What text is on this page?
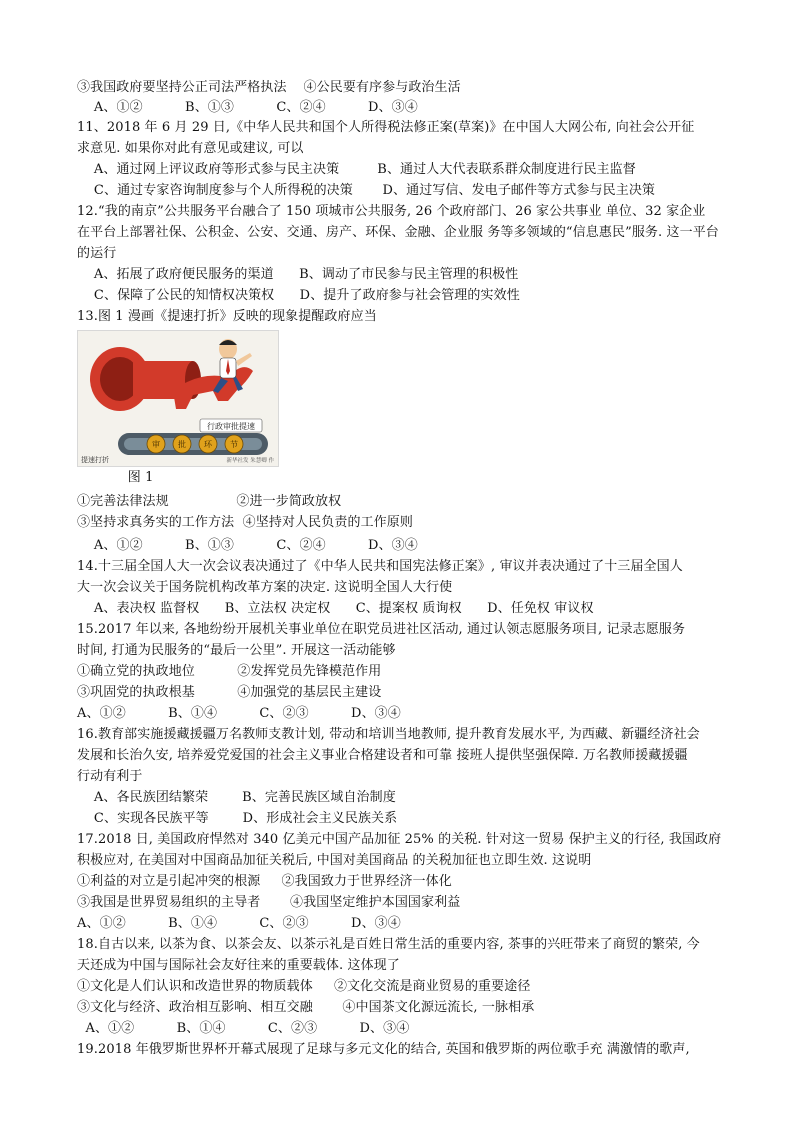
③我国政府要坚持公正司法严格执法    ④公民要有序参与政治生活
A、①②          B、①③          C、②④          D、③④
11、2018 年 6 月 29 日,《中华人民共和国个人所得税法修正案(草案)》在中国人大网公布, 向社会公开征
求意见. 如果你对此有意见或建议, 可以
A、通过网上评议政府等形式参与民主决策         B、通过人大代表联系群众制度进行民主监督
C、通过专家咨询制度参与个人所得税的决策       D、通过写信、发电子邮件等方式参与民主决策
12.“我的南京”公共服务平台融合了 150 项城市公共服务, 26 个政府部门、26 家公共事业 单位、32 家企业
在平台上部署社保、公积金、公安、交通、房产、环保、金融、企业服 务等多领域的“信息惠民”服务. 这一平台
的运行
A、拓展了政府便民服务的渠道      B、调动了市民参与民主管理的积极性
C、保障了公民的知情权决策权      D、提升了政府参与社会管理的实效性
13.图 1 漫画《提速打折》反映的现象提醒政府应当
行政审批提速
审 批 环 节
提速打折	新华社发 朱慧卿 作
图 1
①完善法律法规                ②进一步简政放权
③坚持求真务实的工作方法  ④坚持对人民负责的工作原则
A、①②          B、①③          C、②④          D、③④
14.十三届全国人大一次会议表决通过了《中华人民共和国宪法修正案》, 审议并表决通过了十三届全国人
大一次会议关于国务院机构改革方案的决定. 这说明全国人大行使
A、表决权 监督权      B、立法权 决定权      C、提案权 质询权      D、任免权 审议权
15.2017 年以来, 各地纷纷开展机关事业单位在职党员进社区活动, 通过认领志愿服务项目, 记录志愿服务
时间, 打通为民服务的“最后一公里”. 开展这一活动能够
①确立党的执政地位          ②发挥党员先锋模范作用
③巩固党的执政根基          ④加强党的基层民主建设
A、①②          B、①④          C、②③          D、③④
16.教育部实施援藏援疆万名教师支教计划, 带动和培训当地教师, 提升教育发展水平, 为西藏、新疆经济社会
发展和长治久安, 培养爱党爱国的社会主义事业合格建设者和可靠 接班人提供坚强保障. 万名教师援藏援疆
行动有利于
A、各民族团结繁荣        B、完善民族区域自治制度
C、实现各民族平等        D、形成社会主义民族关系
17.2018 日, 美国政府悍然对 340 亿美元中国产品加征 25% 的关税. 针对这一贸易 保护主义的行径, 我国政府
积极应对, 在美国对中国商品加征关税后, 中国对美国商品 的关税加征也立即生效. 这说明
①利益的对立是引起冲突的根源     ②我国致力于世界经济一体化
③我国是世界贸易组织的主导者       ④我国坚定维护本国国家利益
A、①②          B、①④          C、②③          D、③④
18.自古以来, 以茶为食、以茶会友、以茶示礼是百姓日常生活的重要内容, 茶事的兴旺带来了商贸的繁荣, 今
天还成为中国与国际社会友好往来的重要载体. 这体现了
①文化是人们认识和改造世界的物质载体     ②文化交流是商业贸易的重要途径
③文化与经济、政治相互影响、相互交融       ④中国茶文化源远流长, 一脉相承
A、①②          B、①④          C、②③          D、③④
19.2018 年俄罗斯世界杯开幕式展现了足球与多元文化的结合, 英国和俄罗斯的两位歌手充 满激情的歌声,
